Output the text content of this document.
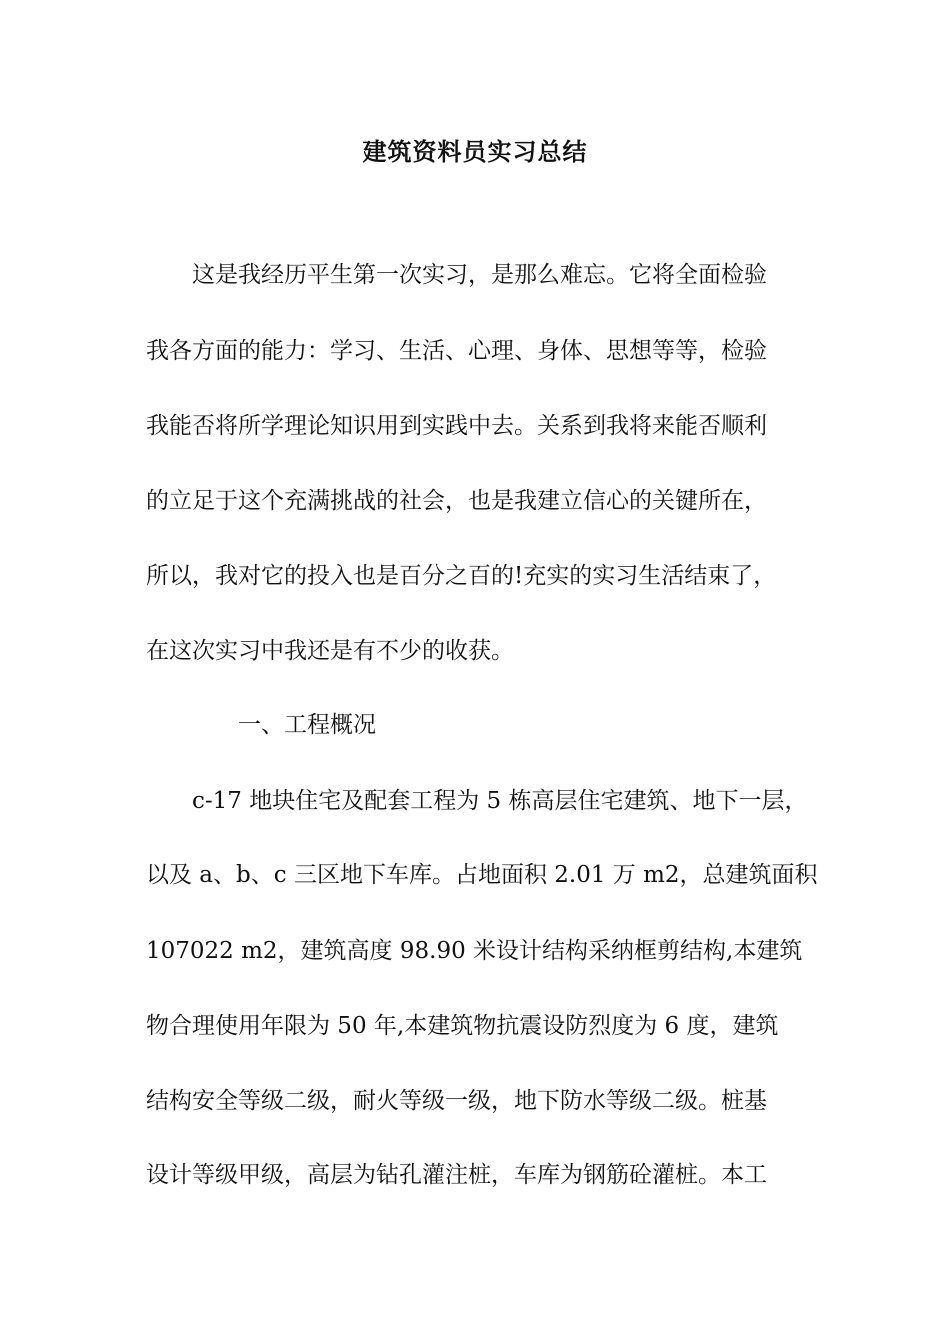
建筑资料员实习总结
这是我经历平生第一次实习，是那么难忘。它将全面检验
我各方面的能力：学习、生活、心理、身体、思想等等，检验
我能否将所学理论知识用到实践中去。关系到我将来能否顺利
的立足于这个充满挑战的社会，也是我建立信心的关键所在，
所以，我对它的投入也是百分之百的!充实的实习生活结束了，
在这次实习中我还是有不少的收获。
一、工程概况
c-17 地块住宅及配套工程为 5 栋高层住宅建筑、地下一层，
以及 a、b、c 三区地下车库。占地面积 2.01 万 m2，总建筑面积
107022 m2，建筑高度 98.90 米设计结构采纳框剪结构,本建筑
物合理使用年限为 50 年,本建筑物抗震设防烈度为 6 度，建筑
结构安全等级二级，耐火等级一级，地下防水等级二级。桩基
设计等级甲级，高层为钻孔灌注桩，车库为钢筋砼灌桩。本工
